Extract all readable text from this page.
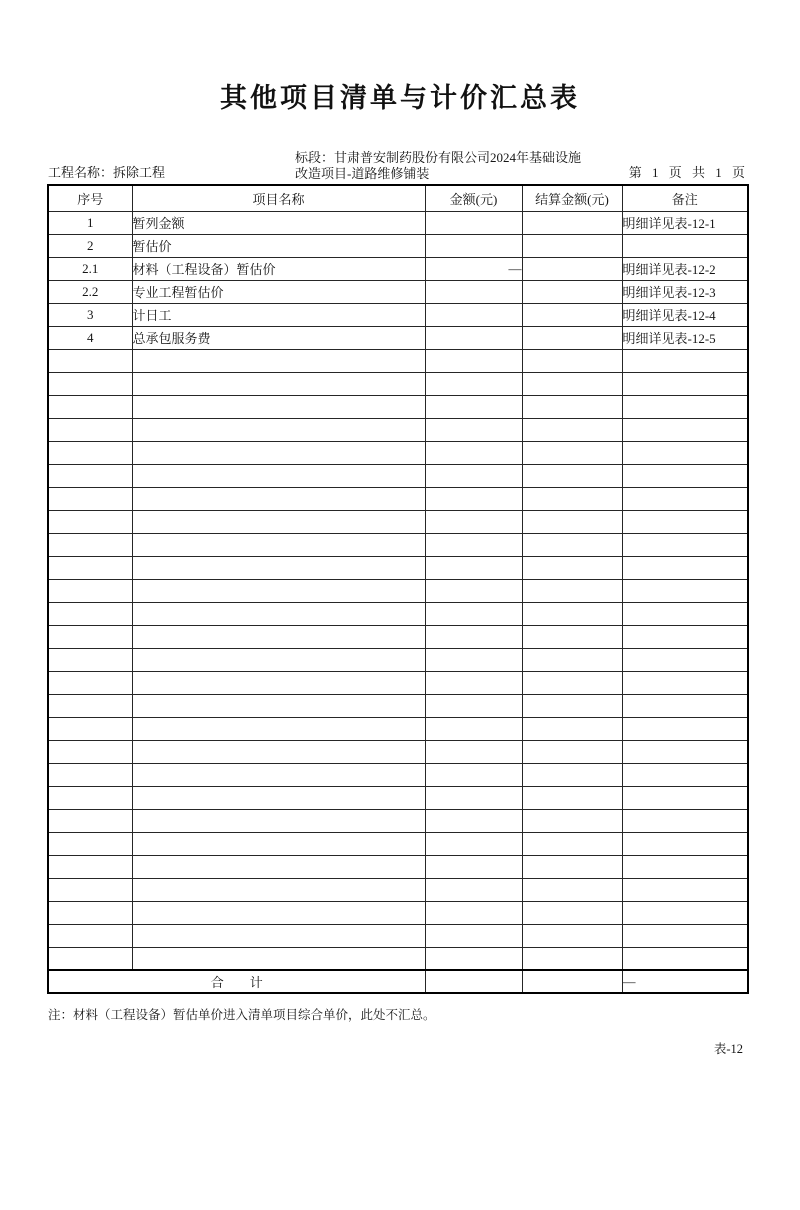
其他项目清单与计价汇总表
工程名称：拆除工程
标段：甘肃普安制药股份有限公司2024年基础设施
改造项目-道路维修铺装	第 1 页 共 1 页
序号	项目名称	金额(元)	结算金额(元)	备注
1	暂列金额			明细详见表-12-1
2	暂估价			
2.1	材料（工程设备）暂估价	—		明细详见表-12-2
2.2	专业工程暂估价			明细详见表-12-3
3	计日工			明细详见表-12-4
4	总承包服务费			明细详见表-12-5

合　　计				—
注：材料（工程设备）暂估单价进入清单项目综合单价，此处不汇总。
表-12
